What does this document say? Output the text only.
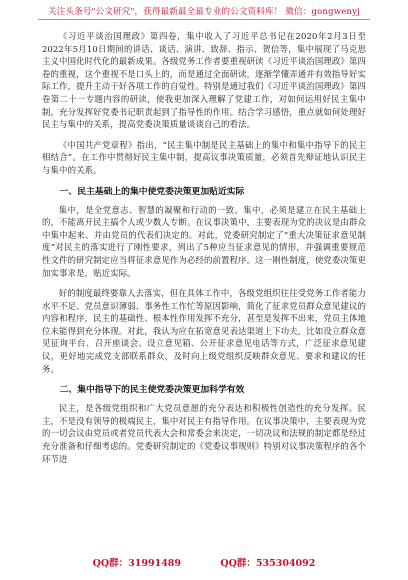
关注头条号"公文研究"，获得最新最全最专业的公文资料库！ 微信：gongwenyj

《习近平谈治国理政》第四卷，集中收入了习近平总书记在2020年2月3日至2022年5月10日期间的讲话、谈话、演讲、致辞、指示、贺信等，集中展现了马克思主义中国化时代化的最新成果。各级党务工作者要重视研读《习近平谈治国理政》第四卷的重视，这个重视不是口头上的，而是通过全面研读，逐渐学懂弄通并有效指导好实际工作，提升主动干好各项工作的自觉性。特别是通过我们《习近平谈治国理政》第四卷第二十一专题内容的研读，使我更加深入理解了党建工作，对如何运用好民主集中制，充分发挥好党委书记职责起到了指导性的作用。结合学习感悟，重点就如何处理好民主与集中的关系，提高党委决策质量谈谈自己的看法。

《中国共产党章程》指出，“民主集中制是民主基础上的集中和集中指导下的民主相结合”。在工作中贯彻好民主集中制，提高议事决策质量，必须首先辩证地认识民主与集中的关系。

一、民主基础上的集中使党委决策更加贴近实际

集中，是全党意志、智慧的凝聚和行动的一致。集中，必须是建立在民主基础上的，不能离开民主搞个人或少数人专断。在议事决策中，主要表现为党的决议是由群众中集中起来、并由党员的代表们决定的。对此，党委研究制定了“重大决策征求意见制度”对民主的落实进行了刚性要求，列出了5种应当征求意见的情形，并强调重要规范性文件的研究制定应当将征求意见作为必经的前置程序。这一刚性制度，使党委决策更加实事求是，贴近实际。

好的制度最终要靠人去落实，但在具体工作中，各级党组织往往受党务工作者能力水平不足、党员意识薄弱、事务性工作忙等原因影响，简化了征求党员群众意见建议的内容和程序，民主的基础性、根本性作用发挥不充分，甚至是发挥不出来，党员主体地位未能得到充分体现。对此，我认为应在拓宽意见表达渠道上下功夫，比如设立群众意见征询平台、召开座谈会、设立意见箱、公开征求意见电话等方式，广泛征求意见建议，更好地完成党支部联系群众，及时向上级党组织反映群众意见、要求和建议的任务。

二、集中指导下的民主使党委决策更加科学有效

民主，是各级党组织和广大党员意愿的充分表达和积极性创造性的充分发挥。民主，不是没有领导的极端民主，集中对民主有指导作用。在议事决策中，主要表现为党的一切会议由党员或者党员代表大会和常委会来决定，一切决议和法规的制定都是经过充分准备和仔细考虑的。党委研究制定的《党委议事规则》特别对议事决策程序的各个环节进

QQ群：31991489	QQ群：535304092
